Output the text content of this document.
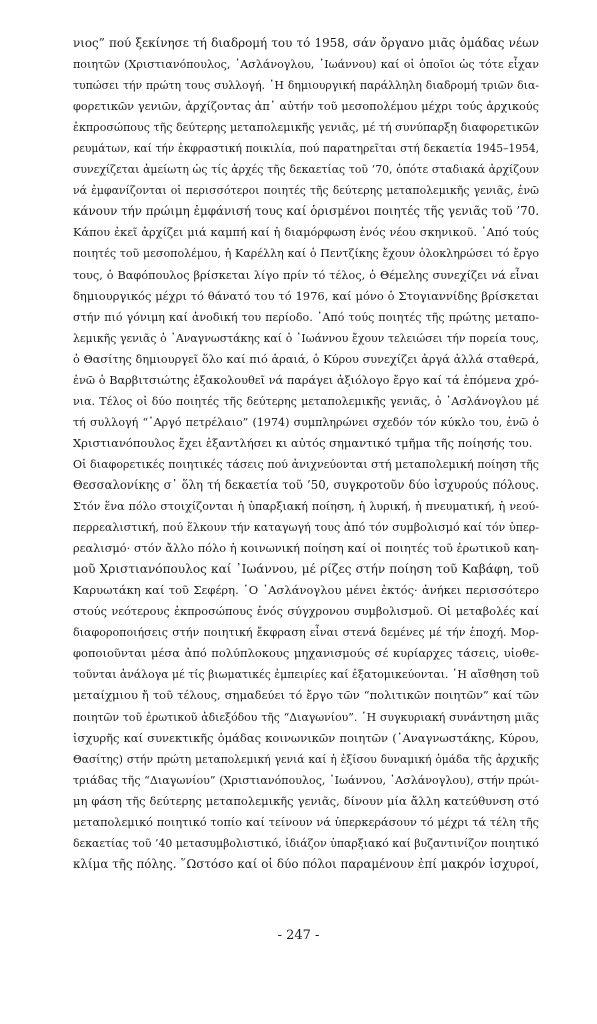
νιος” πού ξεκίνησε τή διαδρομή του τό 1958, σάν ὄργανο μιᾶς ὁμάδας νέων
ποιητῶν (Χριστιανόπουλος, ᾿Ασλάνογλου, ᾿Ιωάννου) καί οἱ ὁποῖοι ὡς τότε εἶχαν
τυπώσει τήν πρώτη τους συλλογή. ῾Η δημιουργική παράλληλη διαδρομή τριῶν δια-
φορετικῶν γενιῶν, ἀρχίζοντας ἀπ᾿ αὐτήν τοῦ μεσοπολέμου μέχρι τούς ἀρχικούς
ἐκπροσώπους τῆς δεύτερης μεταπολεμικῆς γενιᾶς, μέ τή συνύπαρξη διαφορετικῶν
ρευμάτων, καί τήν ἐκφραστική ποικιλία, πού παρατηρεῖται στή δεκαετία 1945–1954,
συνεχίζεται ἀμείωτη ὡς τίς ἀρχές τῆς δεκαετίας τοῦ ’70, ὁπότε σταδιακά ἀρχίζουν
νά ἐμφανίζονται οἱ περισσότεροι ποιητές τῆς δεύτερης μεταπολεμικῆς γενιᾶς, ἐνῶ
κάνουν τήν πρώιμη ἐμφάνισή τους καί ὁρισμένοι ποιητές τῆς γενιᾶς τοῦ ’70.
Κάπου ἐκεῖ ἀρχίζει μιά καμπή καί ἡ διαμόρφωση ἑνός νέου σκηνικοῦ. ᾿Από τούς
ποιητές τοῦ μεσοπολέμου, ἡ Καρέλλη καί ὁ Πεντζίκης ἔχουν ὁλοκληρώσει τό ἔργο
τους, ὁ Βαφόπουλος βρίσκεται λίγο πρίν τό τέλος, ὁ Θέμελης συνεχίζει νά εἶναι
δημιουργικός μέχρι τό θάνατό του τό 1976, καί μόνο ὁ Στογιαννίδης βρίσκεται
στήν πιό γόνιμη καί ἀνοδική του περίοδο. ᾿Από τούς ποιητές τῆς πρώτης μεταπο-
λεμικῆς γενιᾶς ὁ ᾿Αναγνωστάκης καί ὁ ᾿Ιωάννου ἔχουν τελειώσει τήν πορεία τους,
ὁ Θασίτης δημιουργεῖ ὅλο καί πιό ἀραιά, ὁ Κύρου συνεχίζει ἀργά ἀλλά σταθερά,
ἐνῶ ὁ Βαρβιτσιώτης ἐξακολουθεῖ νά παράγει ἀξιόλογο ἔργο καί τά ἑπόμενα χρό-
νια. Τέλος οἱ δύο ποιητές τῆς δεύτερης μεταπολεμικῆς γενιᾶς, ὁ ᾿Ασλάνογλου μέ
τή συλλογή “᾿Αργό πετρέλαιο” (1974) συμπληρώνει σχεδόν τόν κύκλο του, ἐνῶ ὁ
Χριστιανόπουλος ἔχει ἐξαντλήσει κι αὐτός σημαντικό τμῆμα τῆς ποίησής του.
Οἱ διαφορετικές ποιητικές τάσεις πού ἀνιχνεύονται στή μεταπολεμική ποίηση τῆς
Θεσσαλονίκης σ᾿ ὅλη τή δεκαετία τοῦ ’50, συγκροτοῦν δύο ἰσχυρούς πόλους.
Στόν ἕνα πόλο στοιχίζονται ἡ ὑπαρξιακή ποίηση, ἡ λυρική, ἡ πνευματική, ἡ νεού-
περρεαλιστική, πού ἕλκουν τήν καταγωγή τους ἀπό τόν συμβολισμό καί τόν ὑπερ-
ρεαλισμό· στόν ἄλλο πόλο ἡ κοινωνική ποίηση καί οἱ ποιητές τοῦ ἐρωτικοῦ καη-
μοῦ Χριστιανόπουλος καί ᾿Ιωάννου, μέ ρίζες στήν ποίηση τοῦ Καβάφη, τοῦ
Καρυωτάκη καί τοῦ Σεφέρη. ῾Ο ᾿Ασλάνογλου μένει ἐκτός· ἀνήκει περισσότερο
στούς νεότερους ἐκπροσώπους ἑνός σύγχρονου συμβολισμοῦ. Οἱ μεταβολές καί
διαφοροποιήσεις στήν ποιητική ἔκφραση εἶναι στενά δεμένες μέ τήν ἐποχή. Μορ-
φοποιοῦνται μέσα ἀπό πολύπλοκους μηχανισμούς σέ κυρίαρχες τάσεις, υἱοθε-
τοῦνται ἀνάλογα μέ τίς βιωματικές ἐμπειρίες καί ἐξατομικεύονται. ῾Η αἴσθηση τοῦ
μεταίχμιου ἤ τοῦ τέλους, σημαδεύει τό ἔργο τῶν “πολιτικῶν ποιητῶν” καί τῶν
ποιητῶν τοῦ ἐρωτικοῦ ἀδιεξόδου τῆς “Διαγωνίου”. ῾Η συγκυριακή συνάντηση μιᾶς
ἰσχυρῆς καί συνεκτικῆς ὁμάδας κοινωνικῶν ποιητῶν (᾿Αναγνωστάκης, Κύρου,
Θασίτης) στήν πρώτη μεταπολεμική γενιά καί ἡ ἐξίσου δυναμική ὁμάδα τῆς ἀρχικῆς
τριάδας τῆς “Διαγωνίου” (Χριστιανόπουλος, ᾿Ιωάννου, ᾿Ασλάνογλου), στήν πρώι-
μη φάση τῆς δεύτερης μεταπολεμικῆς γενιᾶς, δίνουν μία ἄλλη κατεύθυνση στό
μεταπολεμικό ποιητικό τοπίο καί τείνουν νά ὑπερκεράσουν τό μέχρι τά τέλη τῆς
δεκαετίας τοῦ ’40 μετασυμβολιστικό, ἰδιάζον ὑπαρξιακό καί βυζαντινίζον ποιητικό
κλίμα τῆς πόλης. ῞Ωστόσο καί οἱ δύο πόλοι παραμένουν ἐπί μακρόν ἰσχυροί,
- 247 -
